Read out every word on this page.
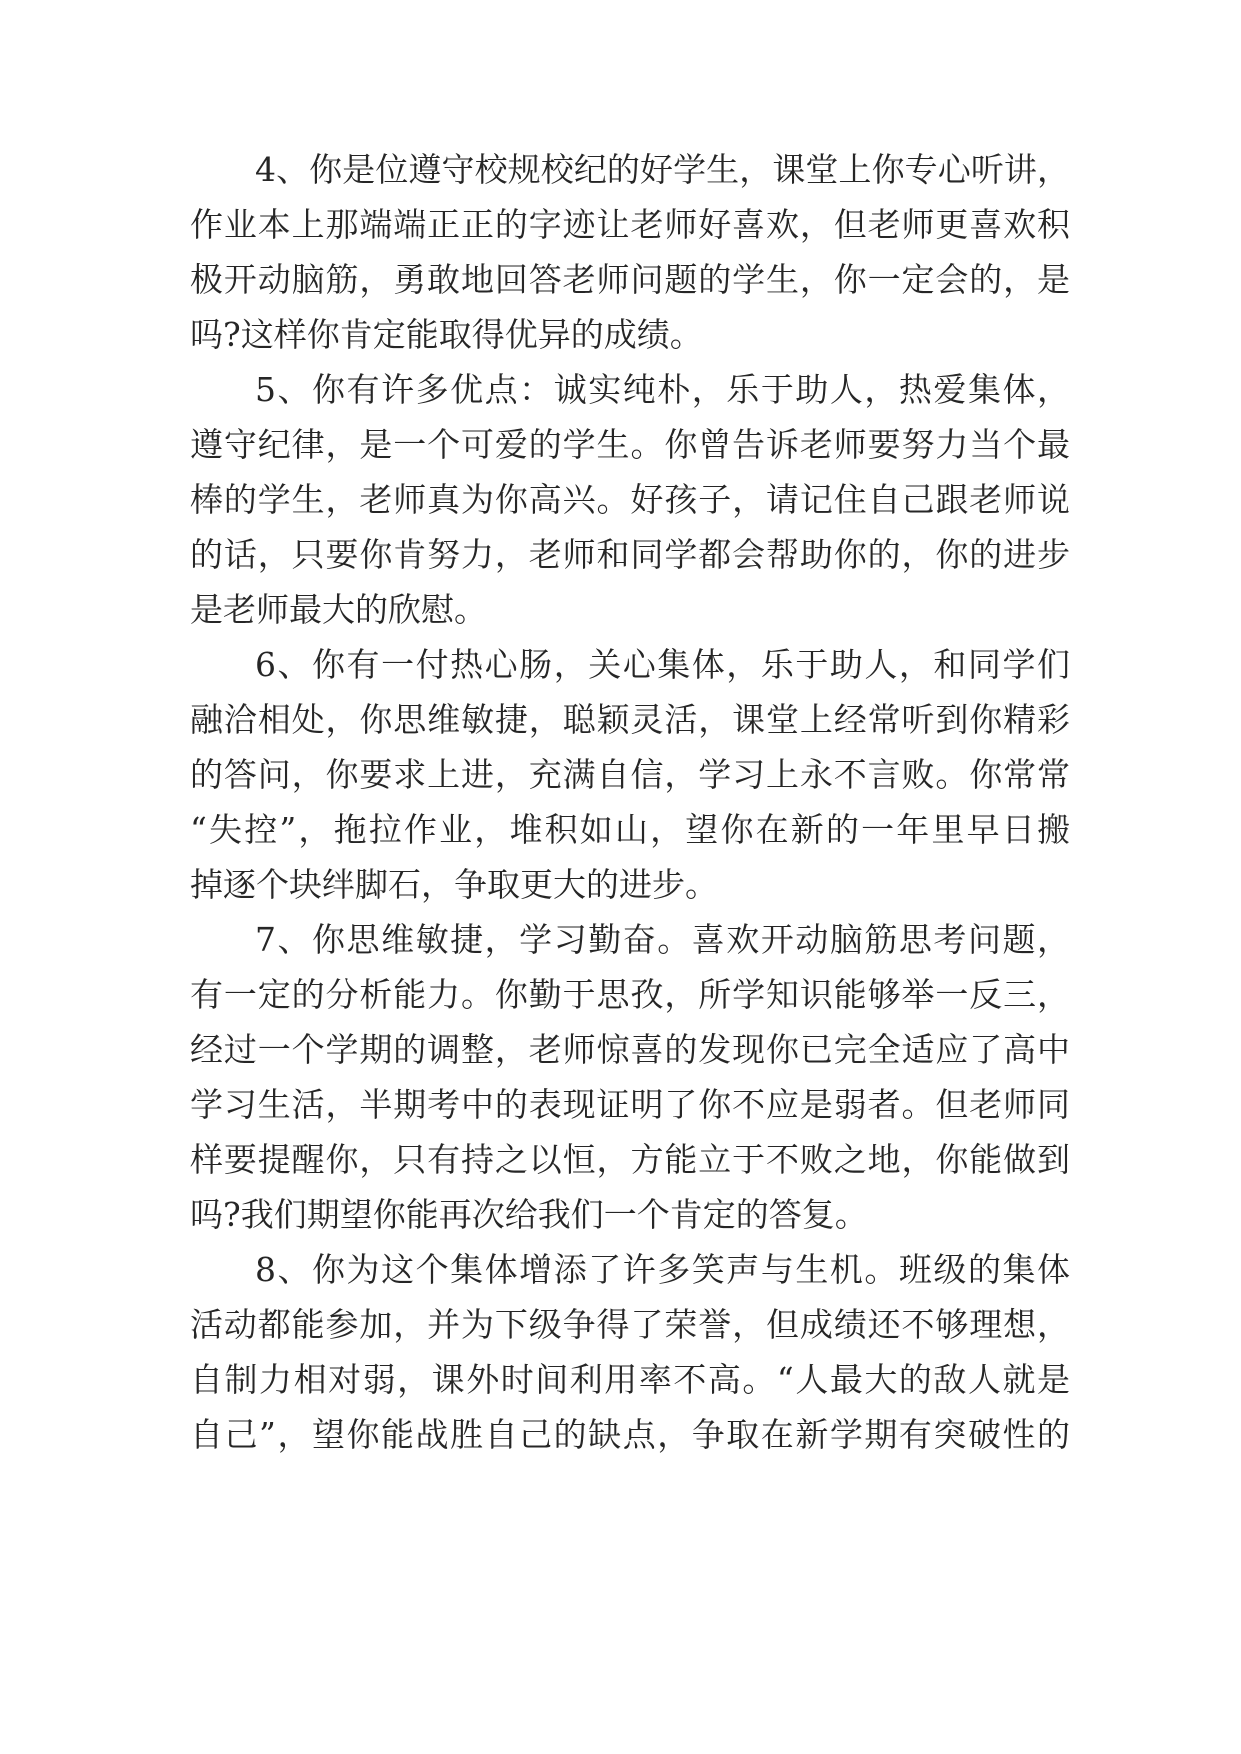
4、你是位遵守校规校纪的好学生，课堂上你专心听讲，
作业本上那端端正正的字迹让老师好喜欢，但老师更喜欢积
极开动脑筋，勇敢地回答老师问题的学生，你一定会的，是
吗?这样你肯定能取得优异的成绩。
5、你有许多优点：诚实纯朴，乐于助人，热爱集体，
遵守纪律，是一个可爱的学生。你曾告诉老师要努力当个最
棒的学生，老师真为你高兴。好孩子，请记住自己跟老师说
的话，只要你肯努力，老师和同学都会帮助你的，你的进步
是老师最大的欣慰。
6、你有一付热心肠，关心集体，乐于助人，和同学们
融洽相处，你思维敏捷，聪颖灵活，课堂上经常听到你精彩
的答问，你要求上进，充满自信，学习上永不言败。你常常
“失控”，拖拉作业，堆积如山，望你在新的一年里早日搬
掉逐个块绊脚石，争取更大的进步。
7、你思维敏捷，学习勤奋。喜欢开动脑筋思考问题，
有一定的分析能力。你勤于思孜，所学知识能够举一反三，
经过一个学期的调整，老师惊喜的发现你已完全适应了高中
学习生活，半期考中的表现证明了你不应是弱者。但老师同
样要提醒你，只有持之以恒，方能立于不败之地，你能做到
吗?我们期望你能再次给我们一个肯定的答复。
8、你为这个集体增添了许多笑声与生机。班级的集体
活动都能参加，并为下级争得了荣誉，但成绩还不够理想，
自制力相对弱，课外时间利用率不高。“人最大的敌人就是
自己”，望你能战胜自己的缺点，争取在新学期有突破性的
